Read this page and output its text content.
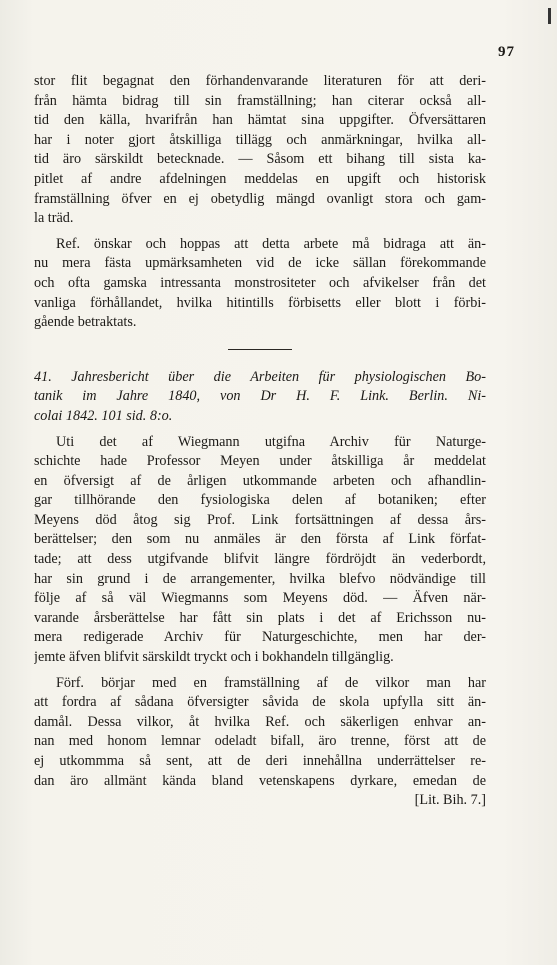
97
stor flit begagnat den förhandenvarande literaturen för att deri-
från hämta bidrag till sin framställning; han citerar också all-
tid den källa, hvarifrån han hämtat sina uppgifter. Öfversättaren
har i noter gjort åtskilliga tillägg och anmärkningar, hvilka all-
tid äro särskildt betecknade. — Såsom ett bihang till sista ka-
pitlet af andre afdelningen meddelas en upgift och historisk
framställning öfver en ej obetydlig mängd ovanligt stora och gam-
la träd.
Ref. önskar och hoppas att detta arbete må bidraga att än-
nu mera fästa upmärksamheten vid de icke sällan förekommande
och ofta gamska intressanta monstrositeter och afvikelser från det
vanliga förhållandet, hvilka hitintills förbisetts eller blott i förbi-
gående betraktats.
41. Jahresbericht über die Arbeiten für physiologischen Bo-
tanik im Jahre 1840, von Dr H. F. Link. Berlin. Ni-
colai 1842. 101 sid. 8:o.
Uti det af Wiegmann utgifna Archiv für Naturge-
schichte hade Professor Meyen under åtskilliga år meddelat
en öfversigt af de årligen utkommande arbeten och afhandlin-
gar tillhörande den fysiologiska delen af botaniken; efter
Meyens död åtog sig Prof. Link fortsättningen af dessa års-
berättelser; den som nu anmäles är den första af Link förfat-
tade; att dess utgifvande blifvit längre fördröjdt än vederbordt,
har sin grund i de arrangementer, hvilka blefvo nödvändige till
följe af så väl Wiegmanns som Meyens död. — Äfven när-
varande årsberättelse har fått sin plats i det af Erichsson nu-
mera redigerade Archiv für Naturgeschichte, men har der-
jemte äfven blifvit särskildt tryckt och i bokhandeln tillgänglig.
Förf. börjar med en framställning af de vilkor man har
att fordra af sådana öfversigter såvida de skola upfylla sitt än-
damål. Dessa vilkor, åt hvilka Ref. och säkerligen enhvar an-
nan med honom lemnar odeladt bifall, äro trenne, först att de
ej utkommma så sent, att de deri innehållna underrättelser re-
dan äro allmänt kända bland vetenskapens dyrkare, emedan de
[Lit. Bih. 7.]
